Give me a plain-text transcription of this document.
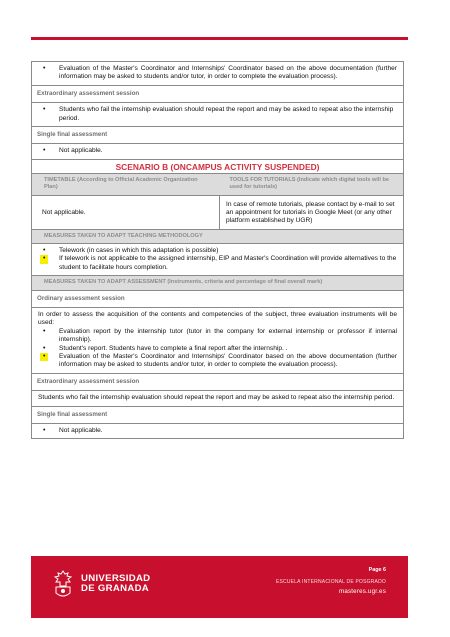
• Evaluation of the Master's Coordinator and Internships' Coordinator based on the above documentation (further information may be asked to students and/or tutor, in order to complete the evaluation process).
Extraordinary assessment session
• Students who fail the internship evaluation should repeat the report and may be asked to repeat also the internship period.
Single final assessment
• Not applicable.
SCENARIO B (ONCAMPUS ACTIVITY SUSPENDED)
TIMETABLE (According to Official Academic Organization Plan)
TOOLS FOR TUTORIALS (Indicate which digital tools will be used for tutorials)
Not applicable.
In case of remote tutorials, please contact by e-mail to set an appointment for tutorials in Google Meet (or any other platform established by UGR)
MEASURES TAKEN TO ADAPT TEACHING METHODOLOGY
• Telework (in cases in which this adaptation is possible)
• If telework is not applicable to the assigned internship, EIP and Master's Coordination will provide alternatives to the student to facilitate hours completion.
MEASURES TAKEN TO ADAPT ASSESSMENT (Instruments, criteria and percentage of final overall mark)
Ordinary assessment session

In order to assess the acquisition of the contents and competencies of the subject, three evaluation instruments will be used:

• Evaluation report by the internship tutor (tutor in the company for external internship or professor if internal internship).
• Student's report. Students have to complete a final report after the internship. .
• Evaluation of the Master's Coordinator and Internships' Coordinator based on the above documentation (further information may be asked to students and/or tutor, in order to complete the evaluation process).
Extraordinary assessment session
Students who fail the internship evaluation should repeat the report and may be asked to repeat also the internship period.
Single final assessment
• Not applicable.
UNIVERSIDAD
DE GRANADA
Page 6
ESCUELA INTERNACIONAL DE POSGRADO
masteres.ugr.es
